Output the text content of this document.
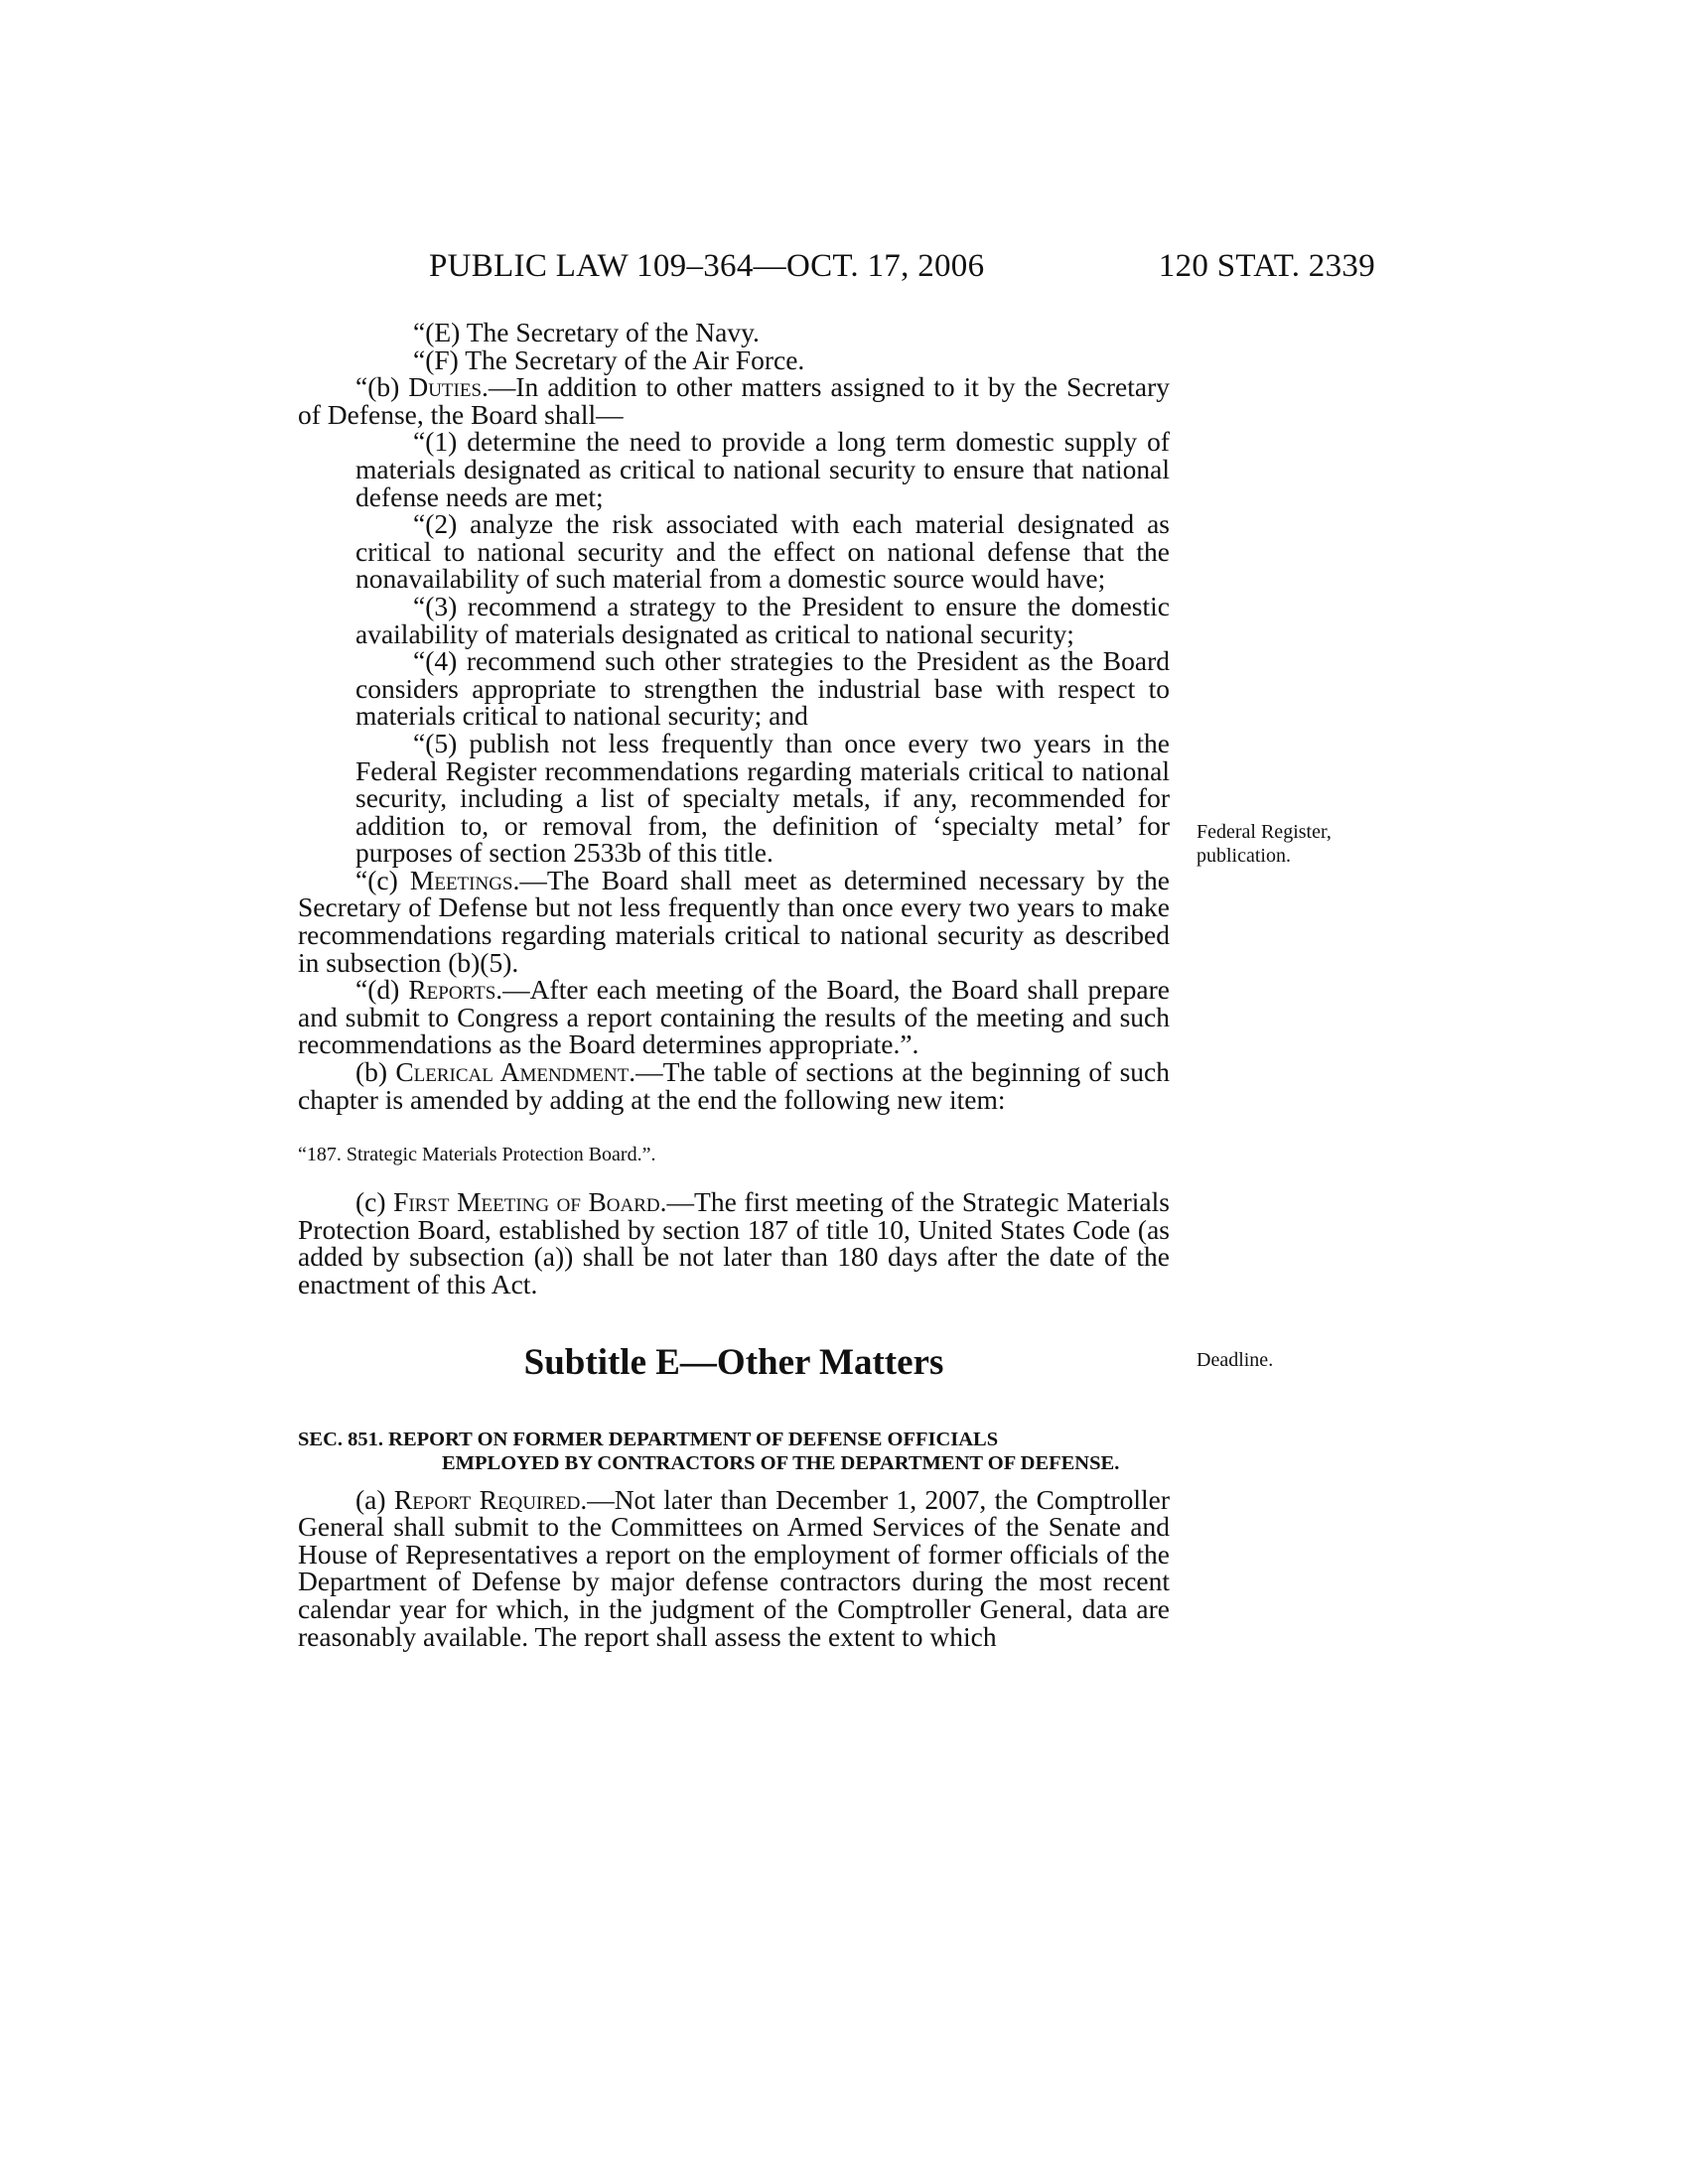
PUBLIC LAW 109–364—OCT. 17, 2006	120 STAT. 2339

“(E) The Secretary of the Navy.

“(F) The Secretary of the Air Force.

“(b) Duties.—In addition to other matters assigned to it by the Secretary of Defense, the Board shall—

“(1) determine the need to provide a long term domestic supply of materials designated as critical to national security to ensure that national defense needs are met;

“(2) analyze the risk associated with each material designated as critical to national security and the effect on national defense that the nonavailability of such material from a domestic source would have;

“(3) recommend a strategy to the President to ensure the domestic availability of materials designated as critical to national security;

“(4) recommend such other strategies to the President as the Board considers appropriate to strengthen the industrial base with respect to materials critical to national security; and

“(5) publish not less frequently than once every two years in the Federal Register recommendations regarding materials critical to national security, including a list of specialty metals, if any, recommended for addition to, or removal from, the definition of ‘specialty metal’ for purposes of section 2533b of this title.

“(c) Meetings.—The Board shall meet as determined necessary by the Secretary of Defense but not less frequently than once every two years to make recommendations regarding materials critical to national security as described in subsection (b)(5).

“(d) Reports.—After each meeting of the Board, the Board shall prepare and submit to Congress a report containing the results of the meeting and such recommendations as the Board determines appropriate.”.

(b) Clerical Amendment.—The table of sections at the beginning of such chapter is amended by adding at the end the following new item:

“187. Strategic Materials Protection Board.”.

(c) First Meeting of Board.—The first meeting of the Strategic Materials Protection Board, established by section 187 of title 10, United States Code (as added by subsection (a)) shall be not later than 180 days after the date of the enactment of this Act.

Subtitle E—Other Matters
SEC. 851. REPORT ON FORMER DEPARTMENT OF DEFENSE OFFICIALS
EMPLOYED BY CONTRACTORS OF THE DEPARTMENT OF DEFENSE.

(a) Report Required.—Not later than December 1, 2007, the Comptroller General shall submit to the Committees on Armed Services of the Senate and House of Representatives a report on the employment of former officials of the Department of Defense by major defense contractors during the most recent calendar year for which, in the judgment of the Comptroller General, data are reasonably available. The report shall assess the extent to which

Federal Register, publication.
Deadline.
